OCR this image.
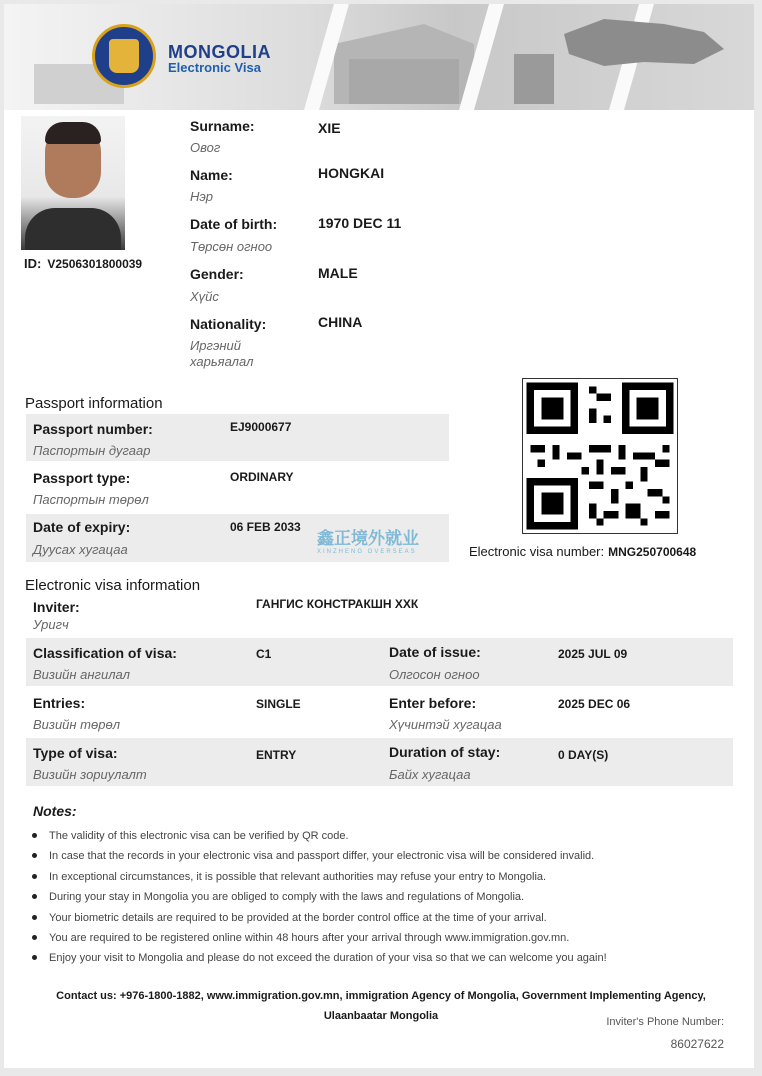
MONGOLIA
Electronic Visa
ID: V2506301800039
Surname:
Овог
XIE
Name:
Нэр
HONGKAI
Date of birth:
Төрсөн огноо
1970 DEC 11
Gender:
Хүйс
MALE
Nationality:
Иргэний харьяалал
CHINA
Passport information
Passport number:
Паспортын дугаар
EJ9000677
Passport type:
Паспортын төрөл
ORDINARY
Date of expiry:
Дуусах хугацаа
06 FEB 2033
鑫正境外就业
XINZHENG OVERSEAS	Electronic visa number: MNG250700648
Electronic visa information
Inviter:
Уригч
ГАНГИС КОНСТРАКШН ХХК
Classification of visa:
Визийн ангилал
C1
Entries:
Визийн төрөл
SINGLE
Type of visa:
Визийн зориулалт
ENTRY
Date of issue:
Олгосон огноо
2025 JUL 09
Enter before:
Хүчинтэй хугацаа
2025 DEC 06
Duration of stay:
Байх хугацаа
0 DAY(S)
Notes:
The validity of this electronic visa can be verified by QR code.
In case that the records in your electronic visa and passport differ, your electronic visa will be considered invalid.
In exceptional circumstances, it is possible that relevant authorities may refuse your entry to Mongolia.
During your stay in Mongolia you are obliged to comply with the laws and regulations of Mongolia.
Your biometric details are required to be provided at the border control office at the time of your arrival.
You are required to be registered online within 48 hours after your arrival through www.immigration.gov.mn.
Enjoy your visit to Mongolia and please do not exceed the duration of your visa so that we can welcome you again!
Contact us: +976-1800-1882, www.immigration.gov.mn, immigration Agency of Mongolia, Government Implementing Agency, Ulaanbaatar Mongolia	Inviter's Phone Number:
86027622
